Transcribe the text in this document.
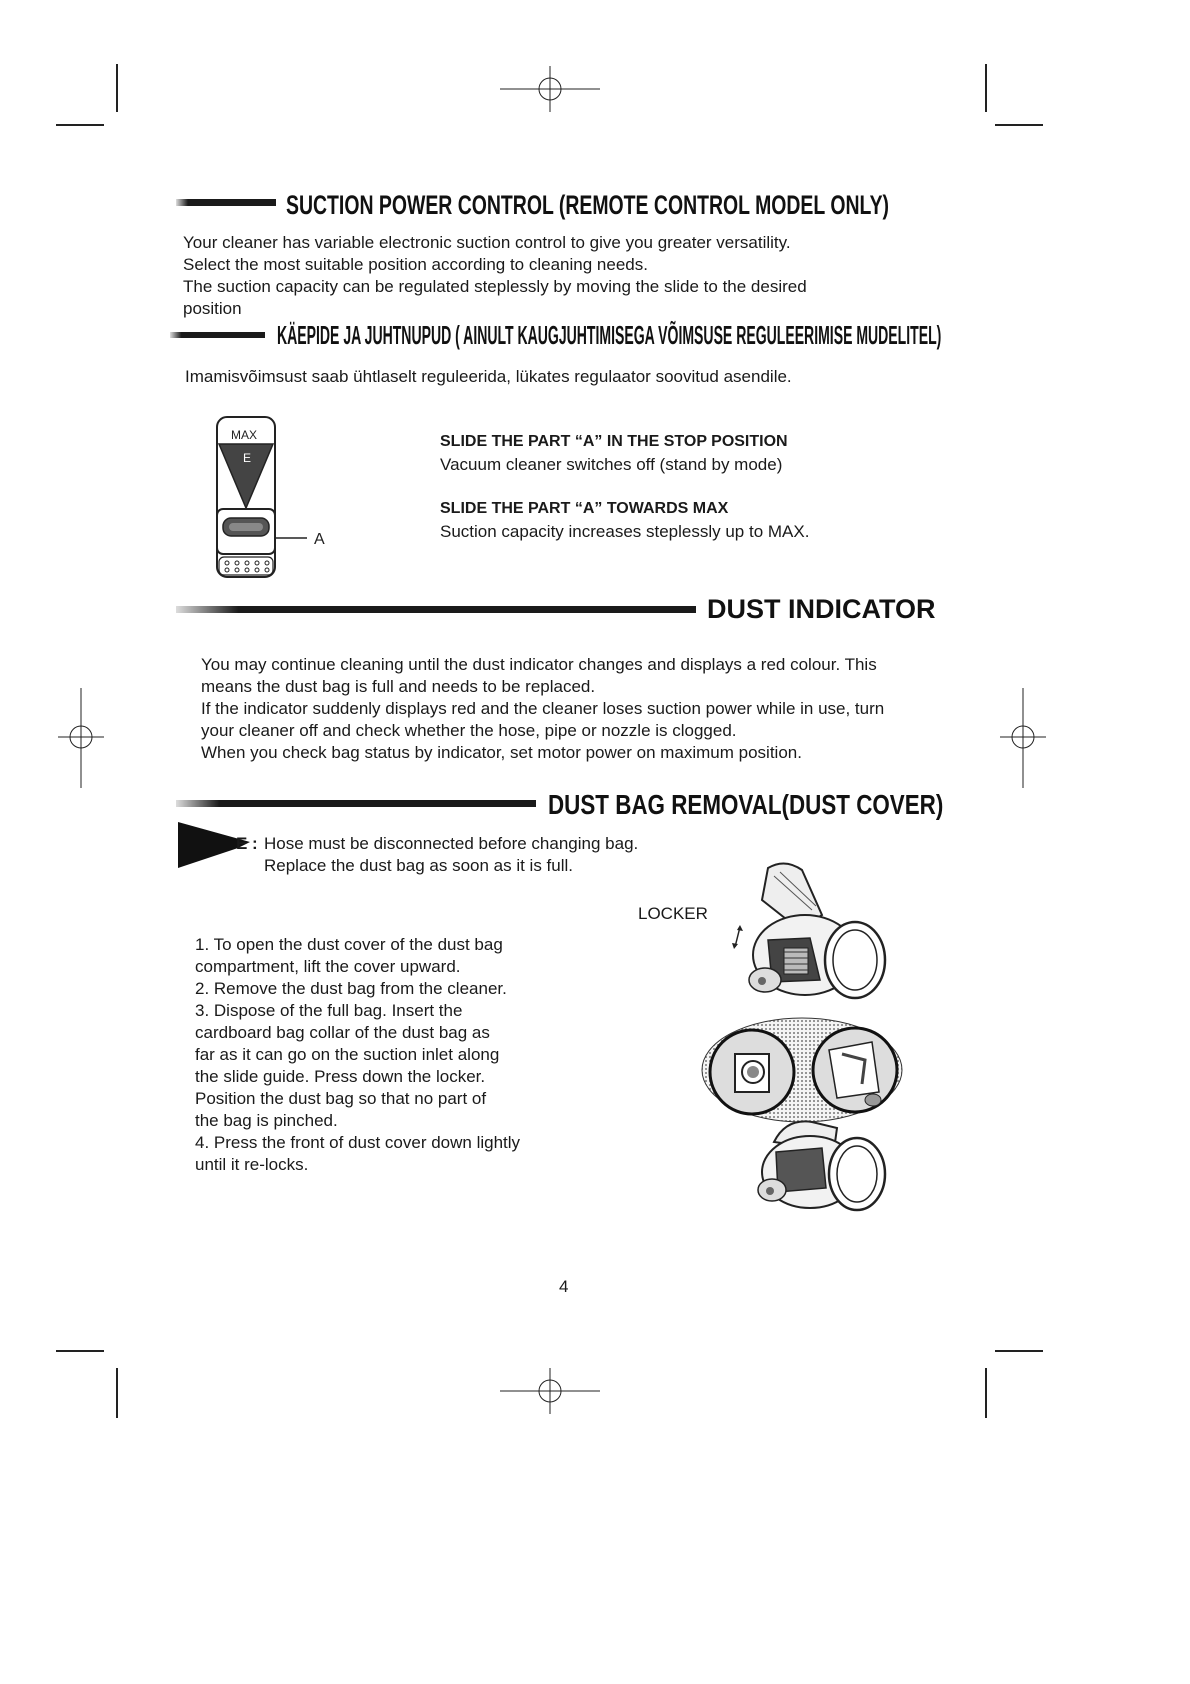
SUCTION POWER CONTROL (REMOTE CONTROL MODEL ONLY)
Your cleaner has variable electronic suction control to give you greater versatility.
Select the most suitable position according to cleaning needs.
The suction capacity can be regulated steplessly by moving the slide to the desired
position
KÄEPIDE JA JUHTNUPUD ( AINULT KAUGJUHTIMISEGA VÕIMSUSE REGULEERIMISE MUDELITEL)
Imamisvõimsust saab ühtlaselt reguleerida, lükates regulaator soovitud asendile.
MAX
E
A
SLIDE THE PART “A” IN THE STOP POSITION
Vacuum cleaner switches off (stand by mode)
SLIDE THE PART “A” TOWARDS MAX
Suction capacity increases steplessly up to MAX.
DUST INDICATOR
You may continue cleaning until the dust indicator changes and displays a red colour. This
means the dust bag is full and needs to be replaced.
If the indicator suddenly displays red and the cleaner loses suction power while in use, turn
your cleaner off and check whether the hose, pipe or nozzle is clogged.
When you check bag status by indicator, set motor power on maximum position.
DUST BAG REMOVAL(DUST COVER)
E : Hose must be disconnected before changing bag.
Replace the dust bag as soon as it is full.
LOCKER
1. To open the dust cover of the dust bag
compartment, lift the cover upward.
2. Remove the dust bag from the cleaner.
3. Dispose of the full bag. Insert the
cardboard bag collar of the dust bag as
far as it can go on the suction inlet along
the slide guide. Press down the locker.
Position the dust bag so that no part of
the bag is pinched.
4. Press the front of dust cover down lightly
until it re-locks.
4
